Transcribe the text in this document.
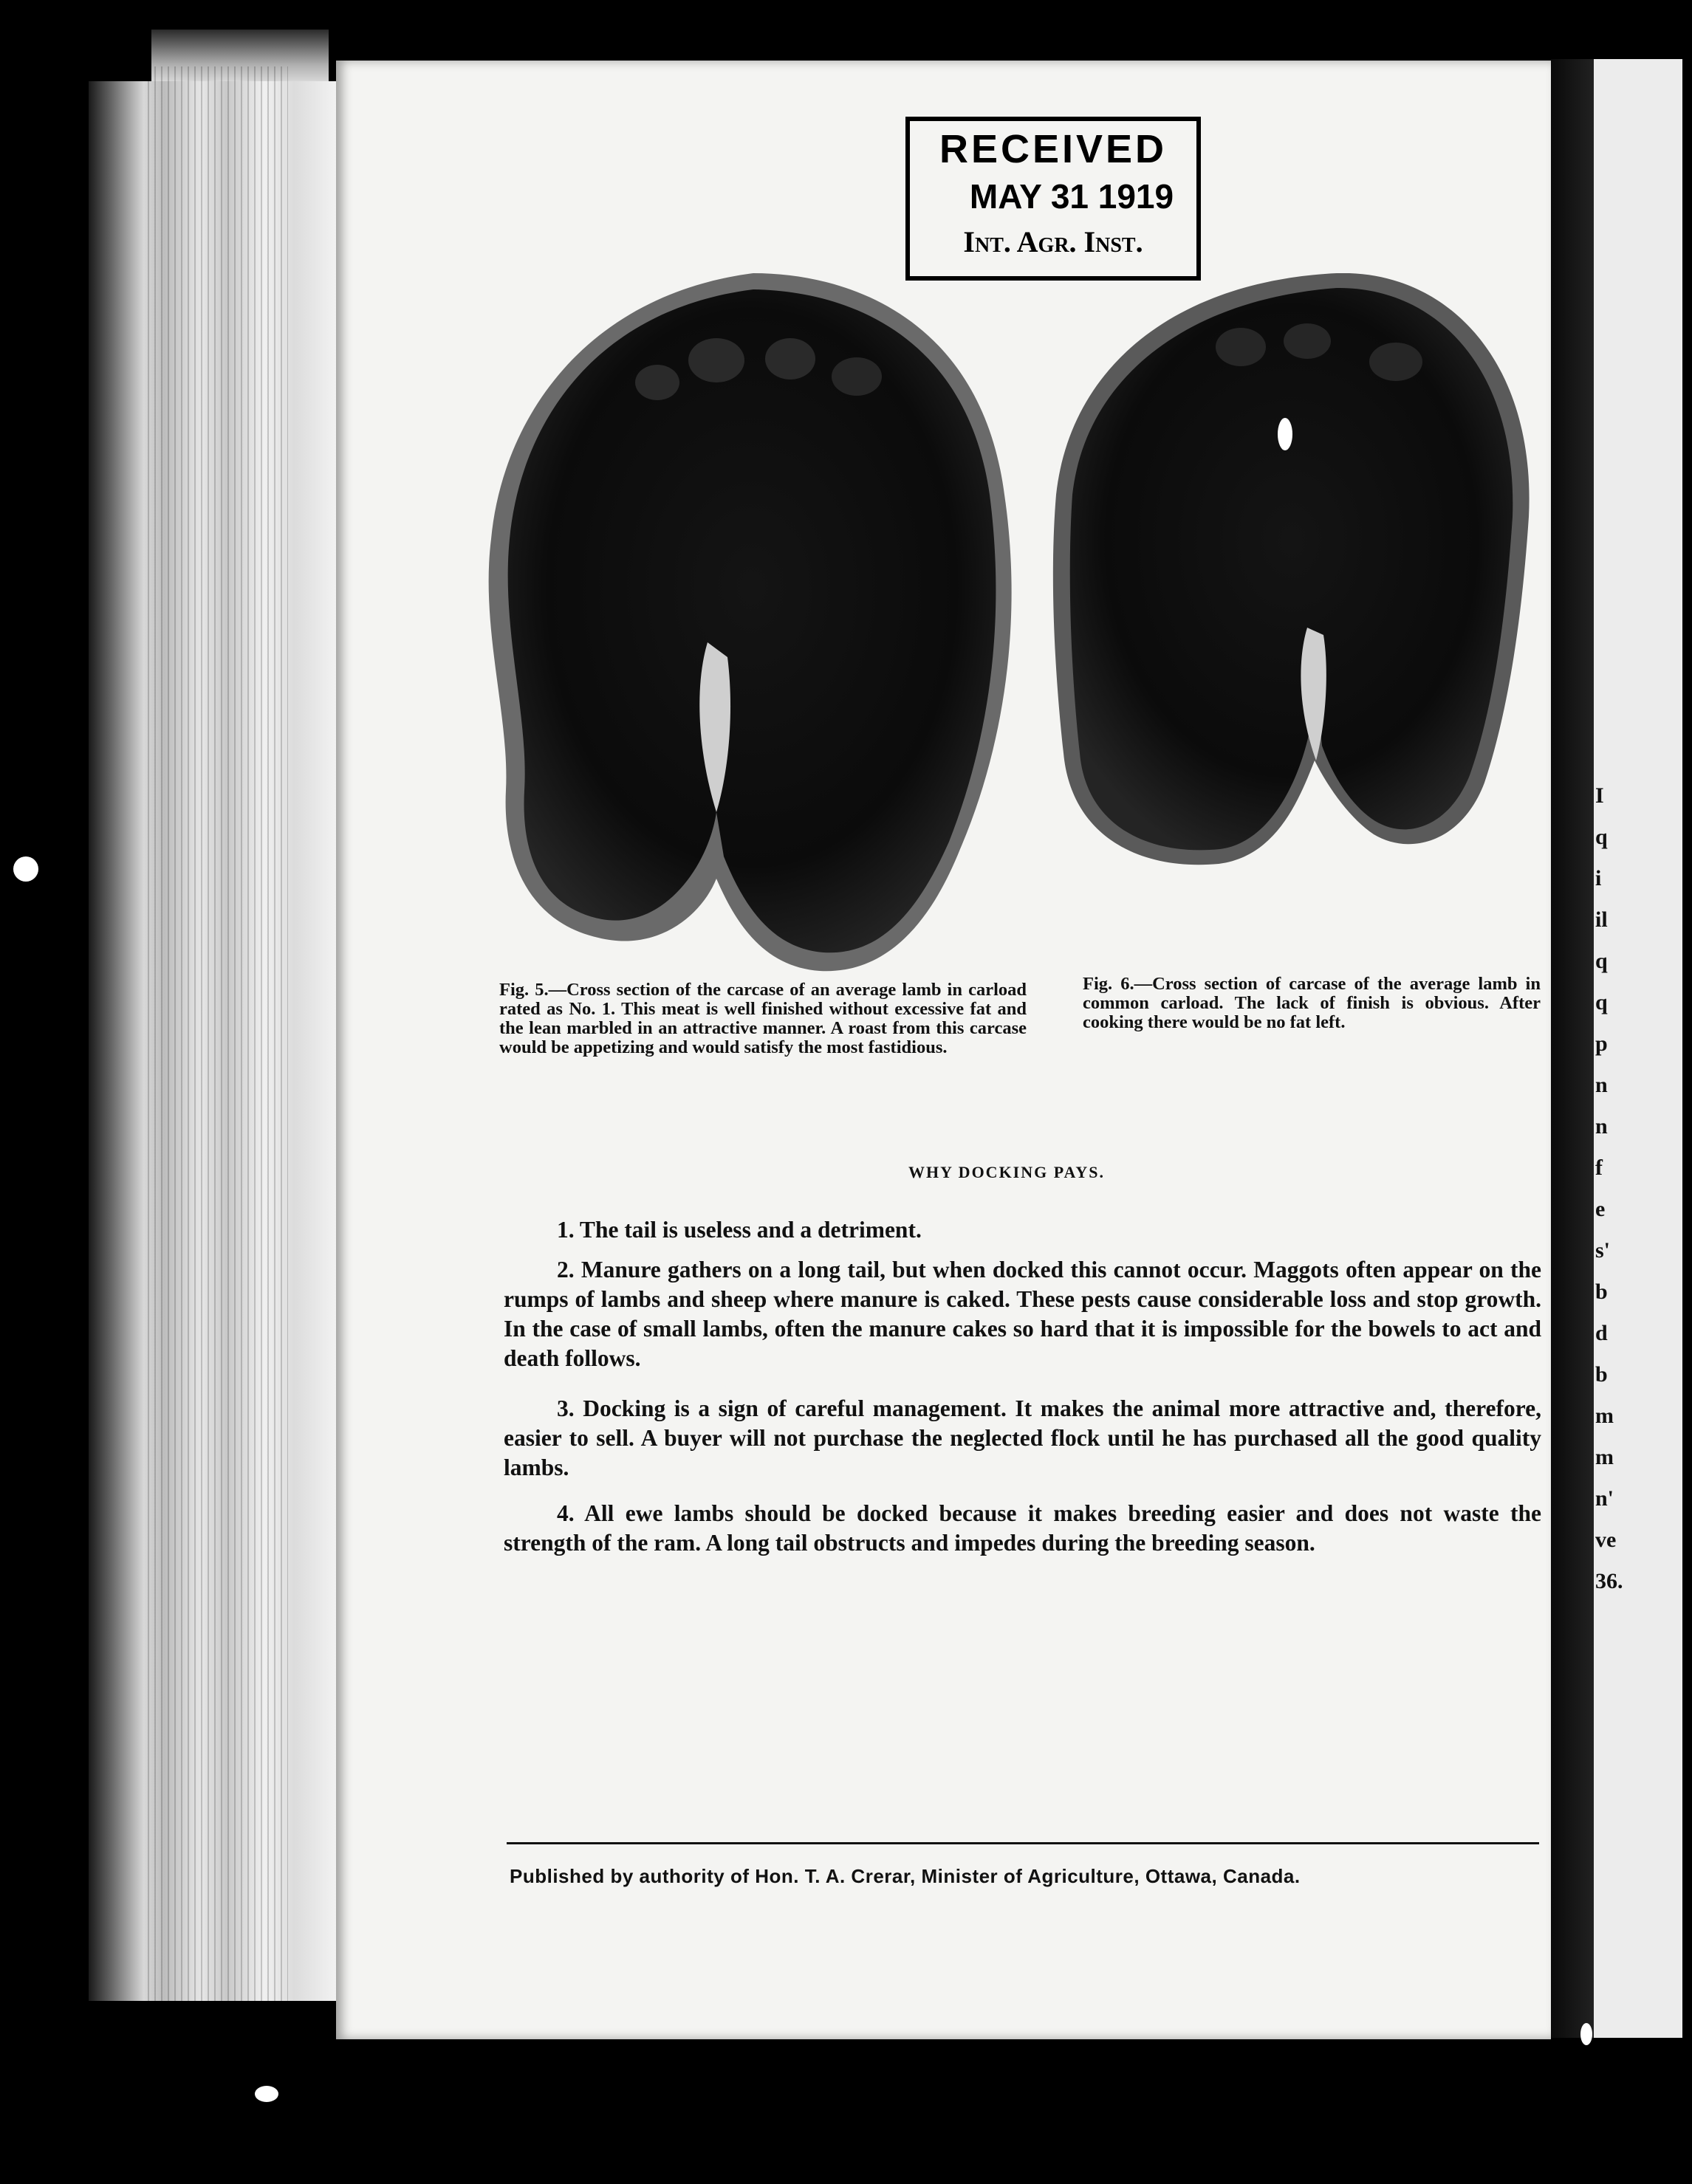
I
q
i
il
q
q
p
n
n
f
e
s'
b
d
b
m
m
n'
ve
36.
RECEIVED
MAY 31 1919
Int. Agr. Inst.
Fig. 5.—Cross section of the carcase of an average lamb in carload rated as No. 1. This meat is well finished without excessive fat and the lean marbled in an attractive manner. A roast from this carcase would be appetizing and would satisfy the most fastidious.
Fig. 6.—Cross section of carcase of the average lamb in common carload. The lack of finish is obvious. After cooking there would be no fat left.
WHY DOCKING PAYS.
1. The tail is useless and a detriment.
2. Manure gathers on a long tail, but when docked this cannot occur. Maggots often appear on the rumps of lambs and sheep where manure is caked. These pests cause considerable loss and stop growth. In the case of small lambs, often the manure cakes so hard that it is impossible for the bowels to act and death follows.
3. Docking is a sign of careful management. It makes the animal more attractive and, therefore, easier to sell. A buyer will not purchase the neglected flock until he has purchased all the good quality lambs.
4. All ewe lambs should be docked because it makes breeding easier and does not waste the strength of the ram. A long tail obstructs and impedes during the breeding season.
Published by authority of Hon. T. A. Crerar, Minister of Agriculture, Ottawa, Canada.
